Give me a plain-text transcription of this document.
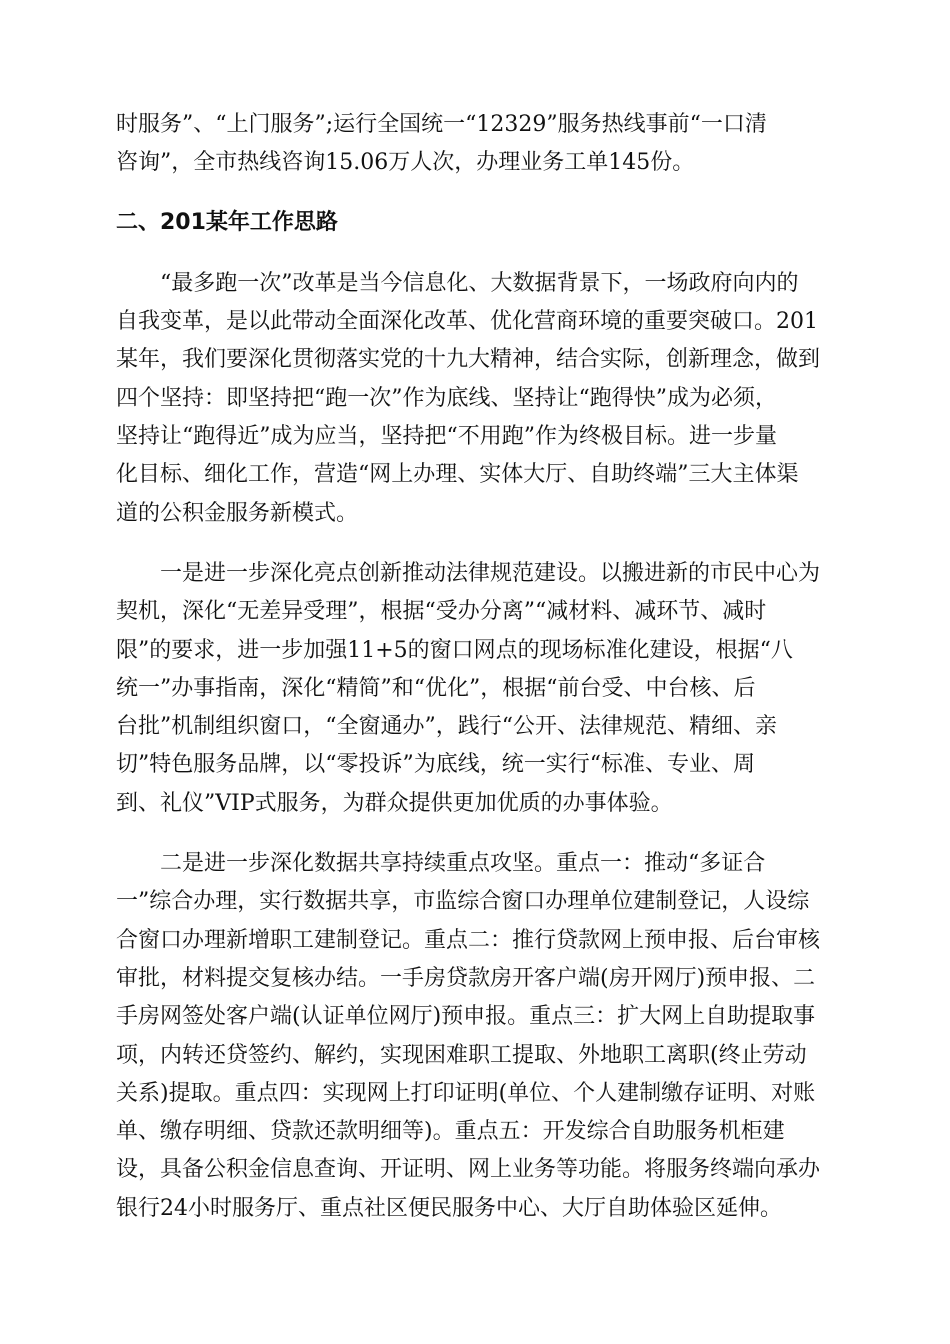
时服务”、“上门服务”;运行全国统一“12329”服务热线事前“一口清
咨询”，全市热线咨询15.06万人次，办理业务工单145份。
二、201某年工作思路
　　“最多跑一次”改革是当今信息化、大数据背景下，一场政府向内的
自我变革，是以此带动全面深化改革、优化营商环境的重要突破口。201
某年，我们要深化贯彻落实党的十九大精神，结合实际，创新理念，做到
四个坚持：即坚持把“跑一次”作为底线、坚持让“跑得快”成为必须，
坚持让“跑得近”成为应当，坚持把“不用跑”作为终极目标。进一步量
化目标、细化工作，营造“网上办理、实体大厅、自助终端”三大主体渠
道的公积金服务新模式。
　　一是进一步深化亮点创新推动法律规范建设。以搬进新的市民中心为
契机，深化“无差异受理”，根据“受办分离”“减材料、减环节、减时
限”的要求，进一步加强11+5的窗口网点的现场标准化建设，根据“八
统一”办事指南，深化“精简”和“优化”，根据“前台受、中台核、后
台批”机制组织窗口，“全窗通办”，践行“公开、法律规范、精细、亲
切”特色服务品牌，以“零投诉”为底线，统一实行“标准、专业、周
到、礼仪”VIP式服务，为群众提供更加优质的办事体验。
　　二是进一步深化数据共享持续重点攻坚。重点一：推动“多证合
一”综合办理，实行数据共享，市监综合窗口办理单位建制登记，人设综
合窗口办理新增职工建制登记。重点二：推行贷款网上预申报、后台审核
审批，材料提交复核办结。一手房贷款房开客户端(房开网厅)预申报、二
手房网签处客户端(认证单位网厅)预申报。重点三：扩大网上自助提取事
项，内转还贷签约、解约，实现困难职工提取、外地职工离职(终止劳动
关系)提取。重点四：实现网上打印证明(单位、个人建制缴存证明、对账
单、缴存明细、贷款还款明细等)。重点五：开发综合自助服务机柜建
设，具备公积金信息查询、开证明、网上业务等功能。将服务终端向承办
银行24小时服务厅、重点社区便民服务中心、大厅自助体验区延伸。
